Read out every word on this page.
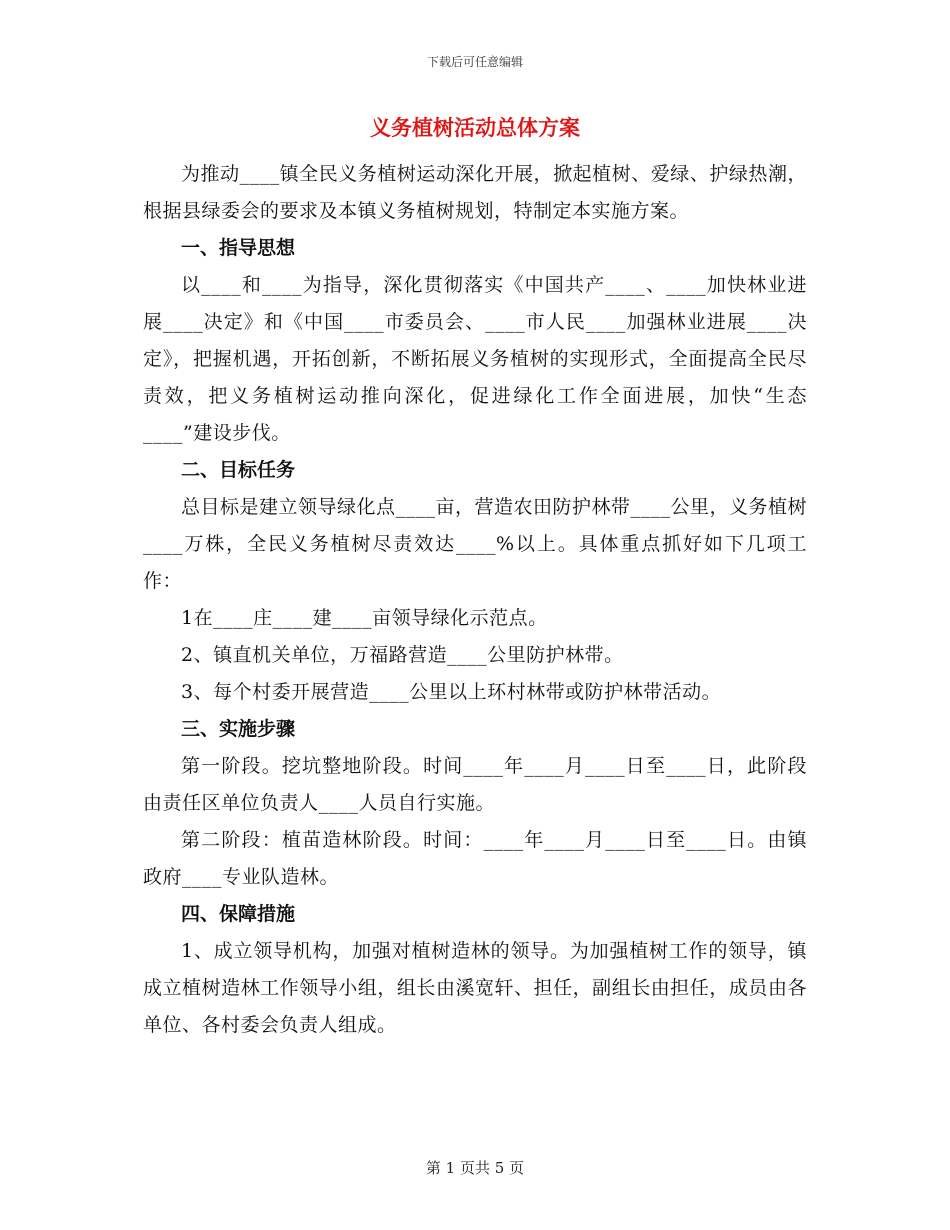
下载后可任意编辑
义务植树活动总体方案

为推动____镇全民义务植树运动深化开展，掀起植树、爱绿、护绿热潮，根据县绿委会的要求及本镇义务植树规划，特制定本实施方案。

一、指导思想

以____和____为指导，深化贯彻落实《中国共产____、____加快林业进展____决定》和《中国____市委员会、____市人民____加强林业进展____决定》，把握机遇，开拓创新，不断拓展义务植树的实现形式，全面提高全民尽责效，把义务植树运动推向深化，促进绿化工作全面进展，加快“生态____”建设步伐。

二、目标任务

总目标是建立领导绿化点____亩，营造农田防护林带____公里，义务植树____万株，全民义务植树尽责效达____%以上。具体重点抓好如下几项工作：

1在____庄____建____亩领导绿化示范点。

2、镇直机关单位，万福路营造____公里防护林带。

3、每个村委开展营造____公里以上环村林带或防护林带活动。

三、实施步骤

第一阶段。挖坑整地阶段。时间____年____月____日至____日，此阶段由责任区单位负责人____人员自行实施。

第二阶段：植苗造林阶段。时间：____年____月____日至____日。由镇政府____专业队造林。

四、保障措施

1、成立领导机构，加强对植树造林的领导。为加强植树工作的领导，镇成立植树造林工作领导小组，组长由溪宽轩、担任，副组长由担任，成员由各单位、各村委会负责人组成。

第 1 页共 5 页
